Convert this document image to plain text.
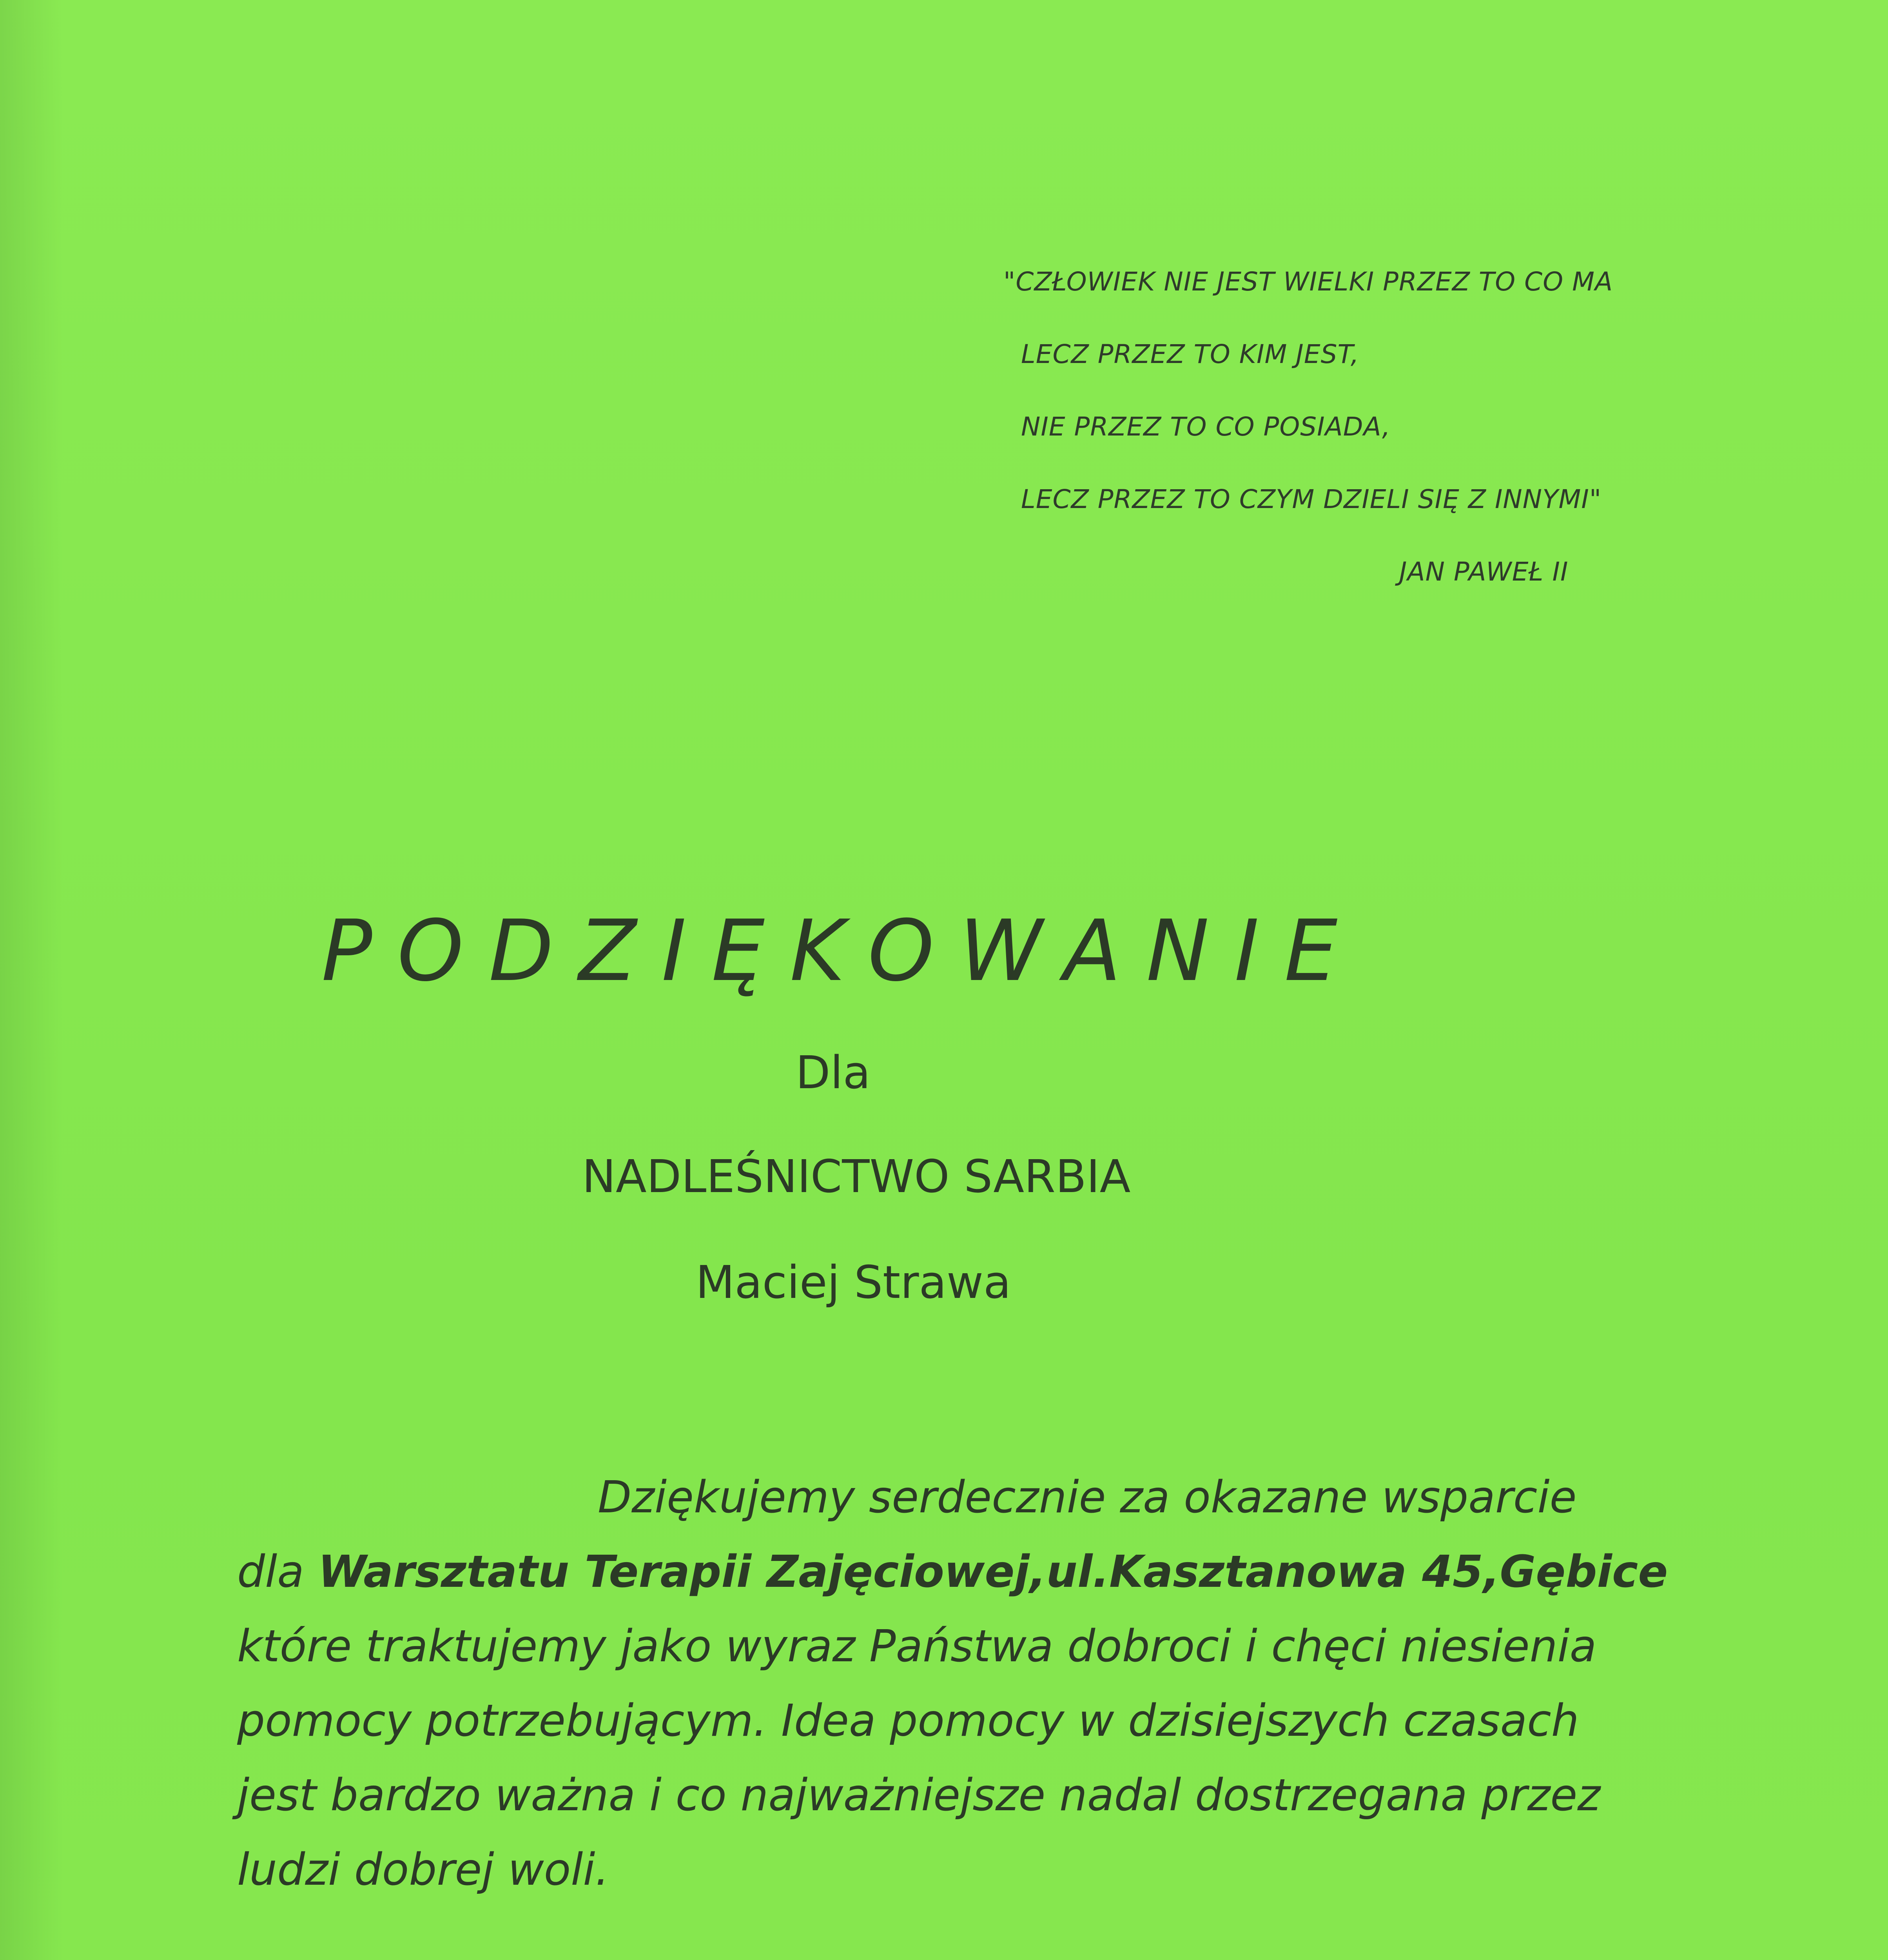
"CZŁOWIEK NIE JEST WIELKI PRZEZ TO CO MA
LECZ PRZEZ TO KIM JEST,
NIE PRZEZ TO CO POSIADA,
LECZ PRZEZ TO CZYM DZIELI SIĘ Z INNYMI"
JAN PAWEŁ II
PODZIĘKOWANIE
Dla
NADLEŚNICTWO SARBIA
Maciej Strawa
Dziękujemy serdecznie za okazane wsparcie
dla Warsztatu Terapii Zajęciowej,ul.Kasztanowa 45,Gębice
które traktujemy jako wyraz Państwa dobroci i chęci niesienia
pomocy potrzebującym. Idea pomocy w dzisiejszych czasach
jest bardzo ważna i co najważniejsze nadal dostrzegana przez
ludzi dobrej woli.
